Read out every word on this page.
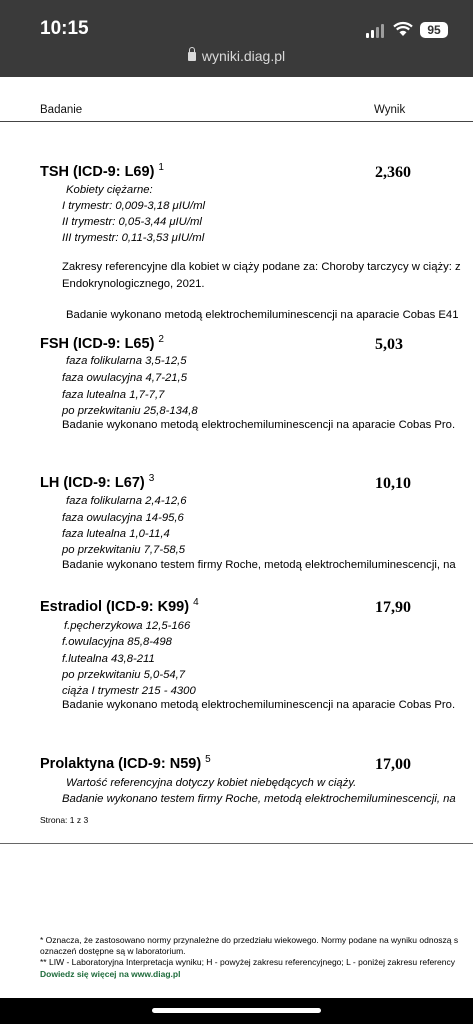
10:15	95
wyniki.diag.pl
Badanie	Wynik
TSH (ICD-9: L69) $^1$	2,360
Kobiety ciężarne:
I trymestr: 0,009-3,18 μIU/ml
II trymestr: 0,05-3,44 μIU/ml
III trymestr: 0,11-3,53 μIU/ml
Zakresy referencyjne dla kobiet w ciąży podane za: Choroby tarczycy w ciąży: z
Endokrynologicznego, 2021.
Badanie wykonano metodą elektrochemiluminescencji na aparacie Cobas E41
FSH (ICD-9: L65) $^2$	5,03
faza folikularna 3,5-12,5
faza owulacyjna 4,7-21,5
faza lutealna 1,7-7,7
po przekwitaniu 25,8-134,8
Badanie wykonano metodą elektrochemiluminescencji na aparacie Cobas Pro.
LH (ICD-9: L67) $^3$	10,10
faza folikularna 2,4-12,6
faza owulacyjna 14-95,6
faza lutealna 1,0-11,4
po przekwitaniu 7,7-58,5
Badanie wykonano testem firmy Roche, metodą elektrochemiluminescencji, na
Estradiol (ICD-9: K99) $^4$	17,90
f.pęcherzykowa 12,5-166
f.owulacyjna 85,8-498
f.lutealna 43,8-211
po przekwitaniu 5,0-54,7
ciąża I trymestr 215 - 4300
Badanie wykonano metodą elektrochemiluminescencji na aparacie Cobas Pro.
Prolaktyna (ICD-9: N59) $^5$	17,00
Wartość referencyjna dotyczy kobiet niebędących w ciąży.
Badanie wykonano testem firmy Roche, metodą elektrochemiluminescencji, na
Strona: 1 z 3
* Oznacza, że zastosowano normy przynależne do przedziału wiekowego. Normy podane na wyniku odnoszą s
oznaczeń dostępne są w laboratorium.
** LIW - Laboratoryjna Interpretacja wyniku; H - powyżej zakresu referencyjnego; L - poniżej zakresu referency
Dowiedz się więcej na www.diag.pl
